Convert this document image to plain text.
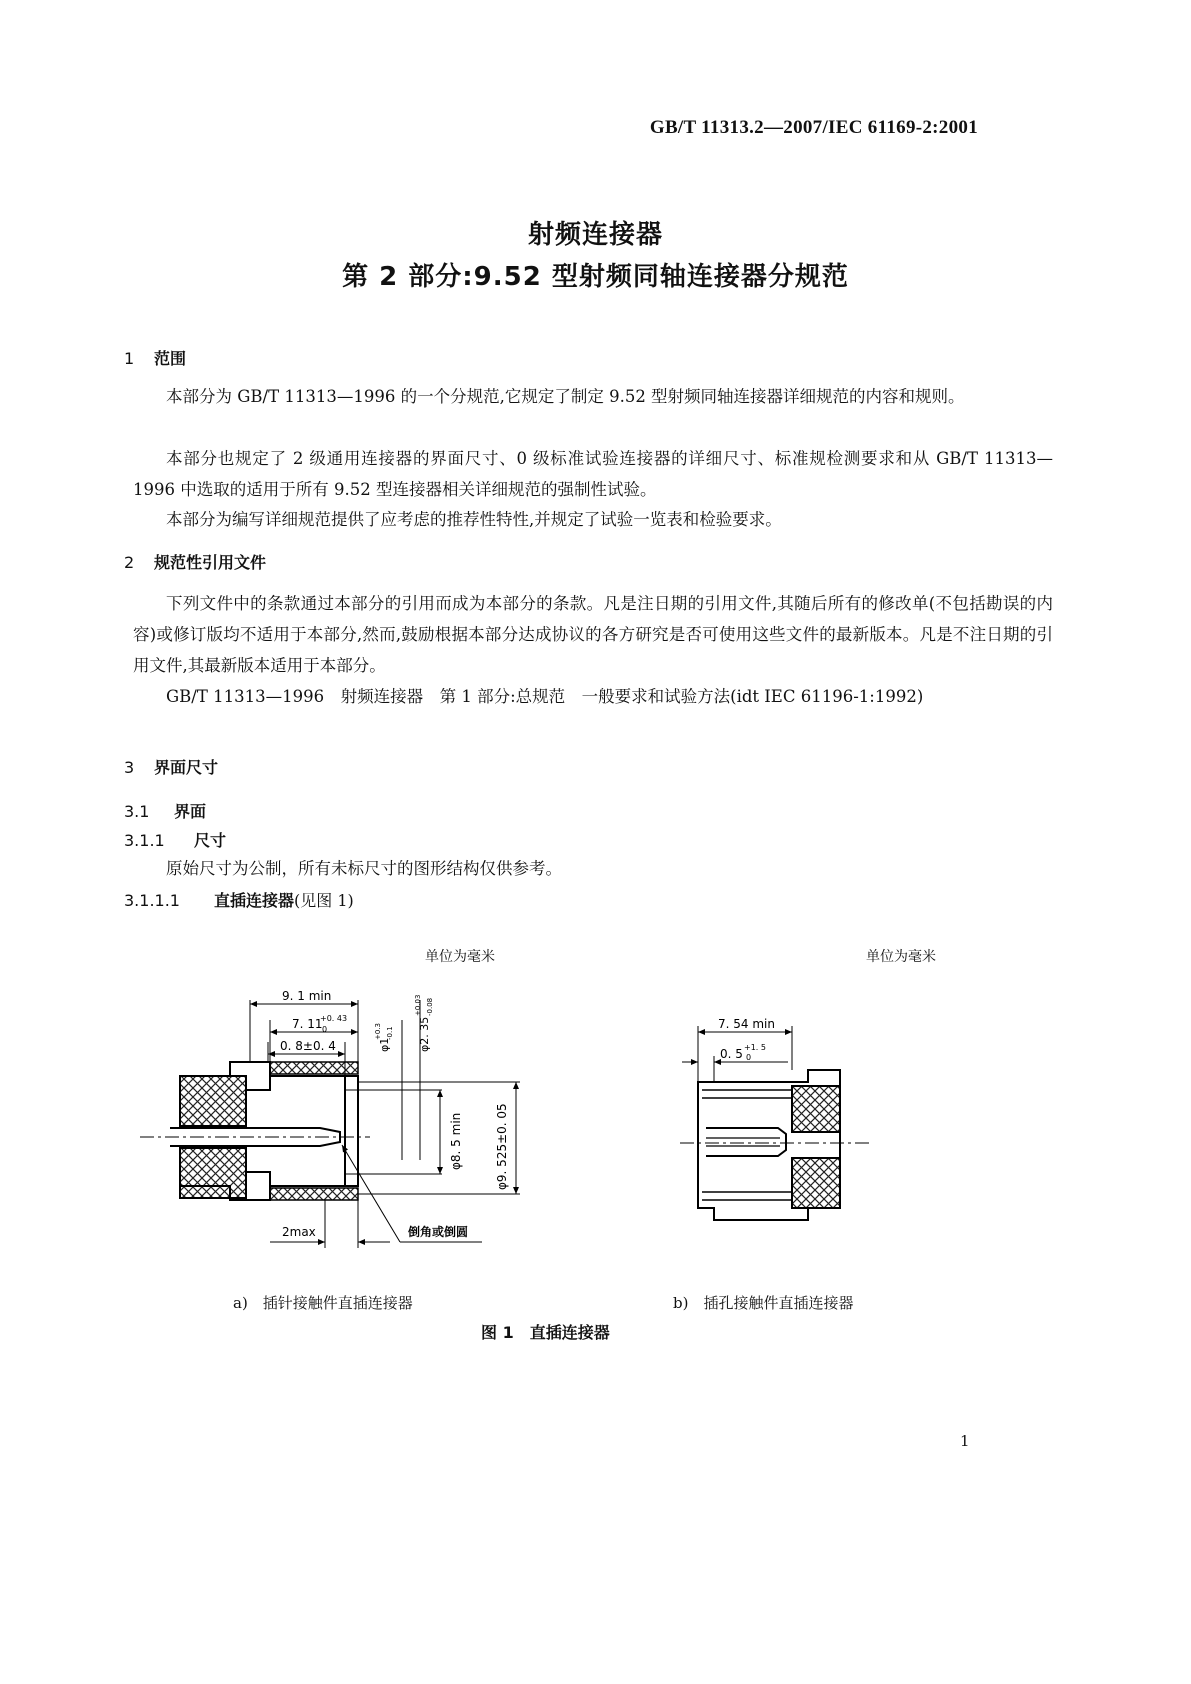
GB/T 11313.2—2007/IEC 61169-2:2001
射频连接器
第 2 部分:9.52 型射频同轴连接器分规范
1 范围
本部分为 GB/T 11313—1996 的一个分规范,它规定了制定 9.52 型射频同轴连接器详细规范的内容和规则。
本部分也规定了 2 级通用连接器的界面尺寸、0 级标准试验连接器的详细尺寸、标准规检测要求和从 GB/T 11313—1996 中选取的适用于所有 9.52 型连接器相关详细规范的强制性试验。
本部分为编写详细规范提供了应考虑的推荐性特性,并规定了试验一览表和检验要求。
2 规范性引用文件
下列文件中的条款通过本部分的引用而成为本部分的条款。凡是注日期的引用文件,其随后所有的修改单(不包括勘误的内容)或修订版均不适用于本部分,然而,鼓励根据本部分达成协议的各方研究是否可使用这些文件的最新版本。凡是不注日期的引用文件,其最新版本适用于本部分。
GB/T 11313—1996　射频连接器　第 1 部分:总规范　一般要求和试验方法(idt IEC 61196-1:1992)
3 界面尺寸
3.1 界面
3.1.1 尺寸
原始尺寸为公制，所有未标尺寸的图形结构仅供参考。
3.1.1.1 直插连接器(见图 1)
单位为毫米	单位为毫米
9. 1 min
7. 11
+0. 43
0
0. 8±0. 4	φ1
+0.3 -0.1 φ2. 35
+0.03 -0.08
φ8. 5 min	φ9. 525±0. 05
2max	倒角或倒圆
7. 54 min
0. 5 +1. 5
0
a)　插针接触件直插连接器	b)　插孔接触件直插连接器
图 1　直插连接器
1
